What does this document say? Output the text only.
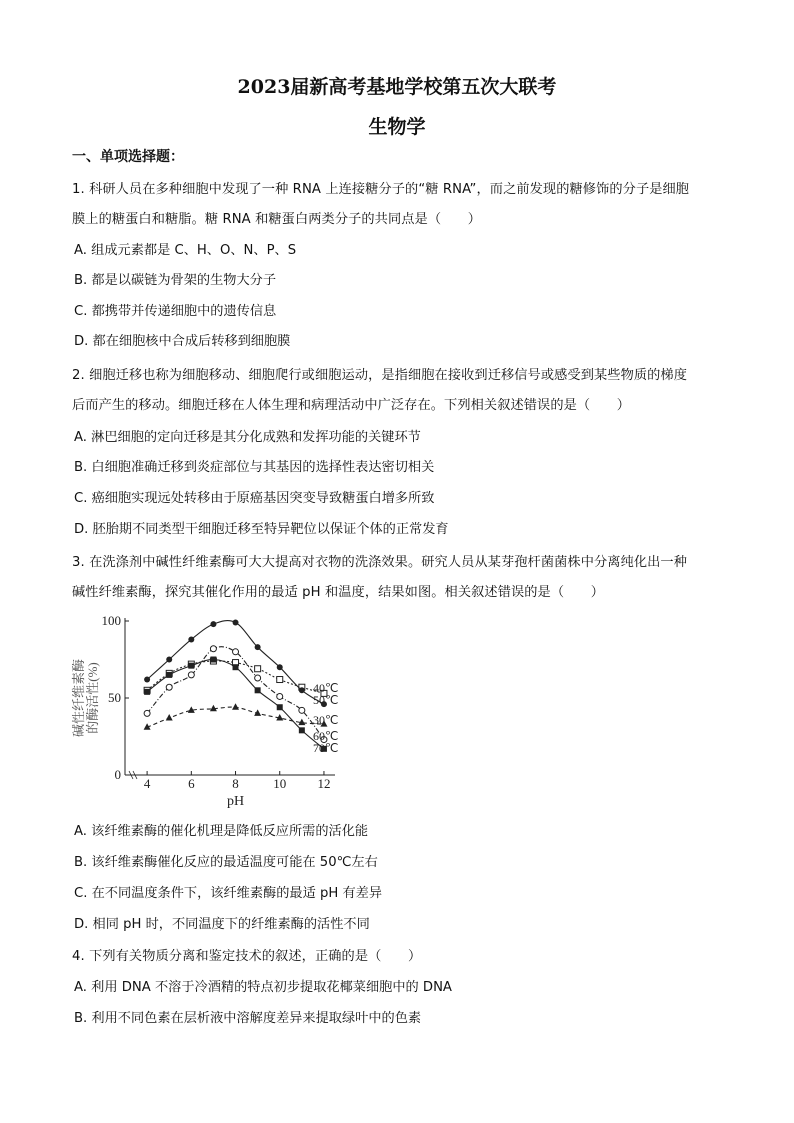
2023届新高考基地学校第五次大联考
生物学
一、单项选择题：
1. 科研人员在多种细胞中发现了一种 RNA 上连接糖分子的“糖 RNA”，而之前发现的糖修饰的分子是细胞
膜上的糖蛋白和糖脂。糖 RNA 和糖蛋白两类分子的共同点是（　　）
A. 组成元素都是 C、H、O、N、P、S
B. 都是以碳链为骨架的生物大分子
C. 都携带并传递细胞中的遗传信息
D. 都在细胞核中合成后转移到细胞膜
2. 细胞迁移也称为细胞移动、细胞爬行或细胞运动，是指细胞在接收到迁移信号或感受到某些物质的梯度
后而产生的移动。细胞迁移在人体生理和病理活动中广泛存在。下列相关叙述错误的是（　　）
A. 淋巴细胞的定向迁移是其分化成熟和发挥功能的关键环节
B. 白细胞准确迁移到炎症部位与其基因的选择性表达密切相关
C. 癌细胞实现远处转移由于原癌基因突变导致糖蛋白增多所致
D. 胚胎期不同类型干细胞迁移至特异靶位以保证个体的正常发育
3. 在洗涤剂中碱性纤维素酶可大大提高对衣物的洗涤效果。研究人员从某芽孢杆菌菌株中分离纯化出一种
碱性纤维素酶，探究其催化作用的最适 pH 和温度，结果如图。相关叙述错误的是（　　）
4	6	8	10 12
0
50
100
pH
碱性纤维素酶的酶活性(%)	40℃
50℃
30℃
60℃
70℃
A. 该纤维素酶的催化机理是降低反应所需的活化能
B. 该纤维素酶催化反应的最适温度可能在 50℃左右
C. 在不同温度条件下，该纤维素酶的最适 pH 有差异
D. 相同 pH 时，不同温度下的纤维素酶的活性不同
4. 下列有关物质分离和鉴定技术的叙述，正确的是（　　）
A. 利用 DNA 不溶于冷酒精的特点初步提取花椰菜细胞中的 DNA
B. 利用不同色素在层析液中溶解度差异来提取绿叶中的色素
